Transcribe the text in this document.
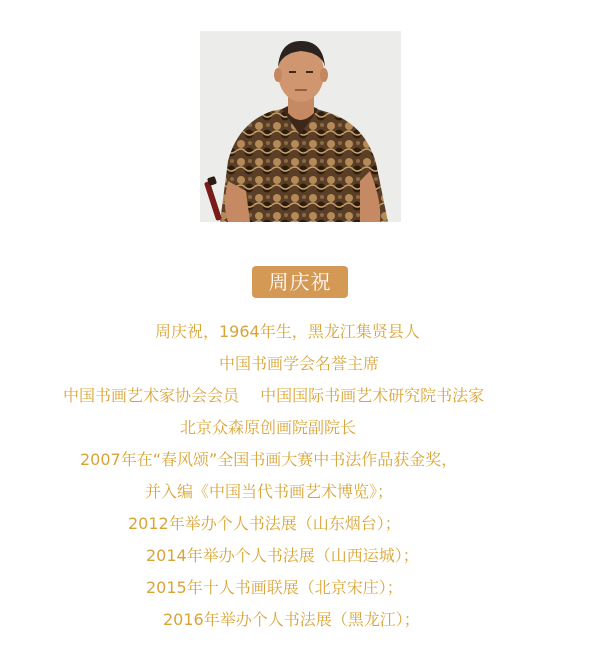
周庆祝
周庆祝，1964年生，黑龙江集贤县人
中国书画学会名誉主席
中国书画艺术家协会会员　 中国国际书画艺术研究院书法家
北京众森原创画院副院长
2007年在“春风颂”全国书画大赛中书法作品获金奖，
并入编《中国当代书画艺术博览》；
2012年举办个人书法展（山东烟台）；
2014年举办个人书法展（山西运城）；
2015年十人书画联展（北京宋庄）；
2016年举办个人书法展（黑龙江）；
